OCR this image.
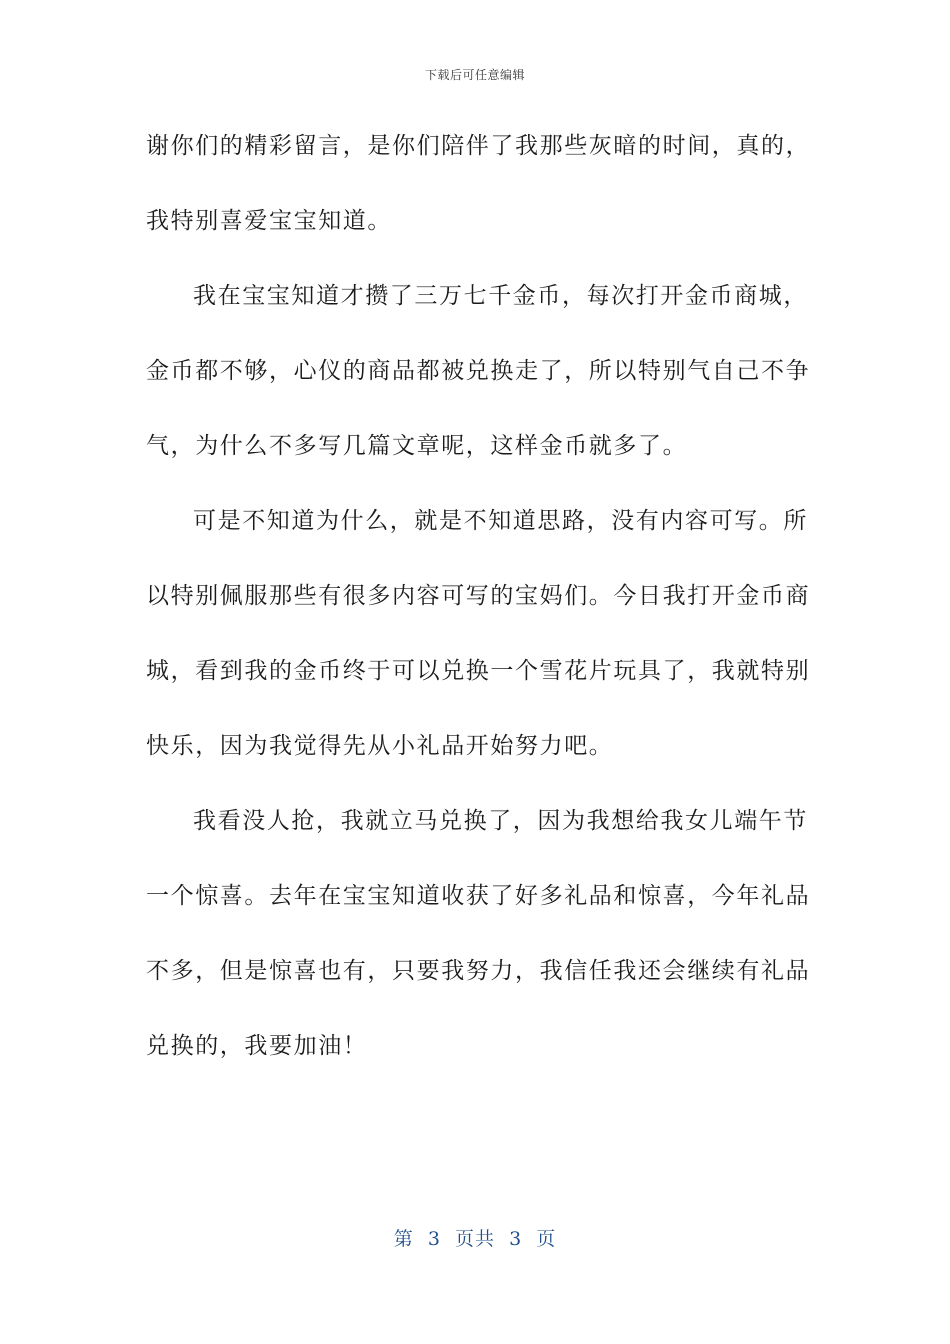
下载后可任意编辑
谢你们的精彩留言，是你们陪伴了我那些灰暗的时间，真的，
我特别喜爱宝宝知道。
我在宝宝知道才攒了三万七千金币，每次打开金币商城，
金币都不够，心仪的商品都被兑换走了，所以特别气自己不争
气，为什么不多写几篇文章呢，这样金币就多了。
可是不知道为什么，就是不知道思路，没有内容可写。所
以特别佩服那些有很多内容可写的宝妈们。今日我打开金币商
城，看到我的金币终于可以兑换一个雪花片玩具了，我就特别
快乐，因为我觉得先从小礼品开始努力吧。
我看没人抢，我就立马兑换了，因为我想给我女儿端午节
一个惊喜。去年在宝宝知道收获了好多礼品和惊喜，今年礼品
不多，但是惊喜也有，只要我努力，我信任我还会继续有礼品
兑换的，我要加油！
第  3  页共  3  页
